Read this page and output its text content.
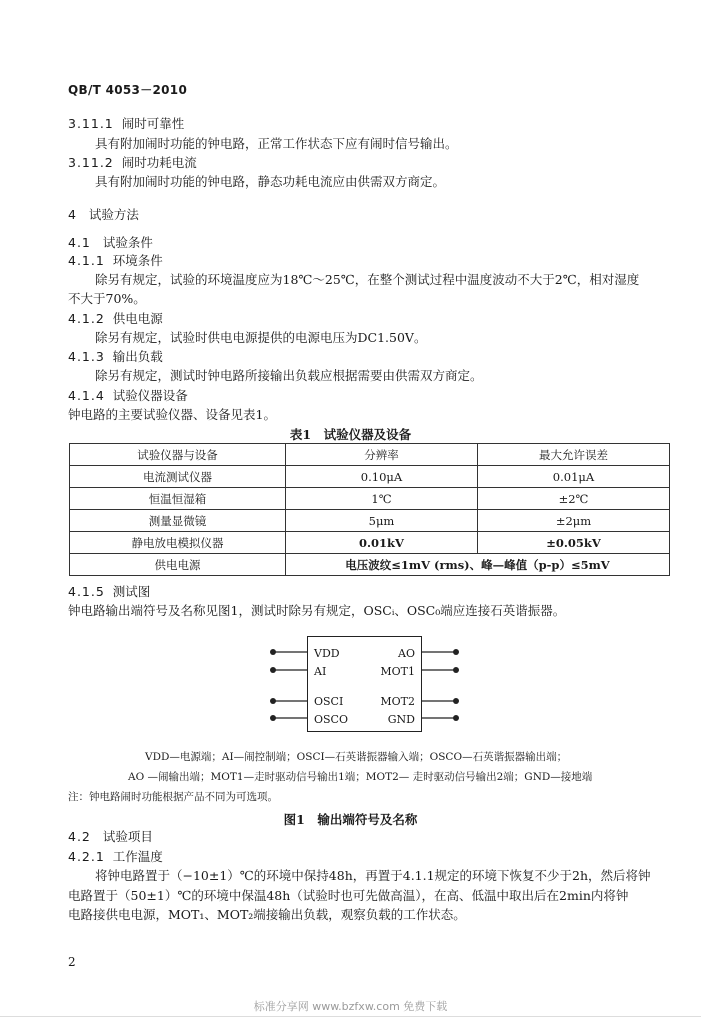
QB/T 4053－2010
3.11.1 闹时可靠性
具有附加闹时功能的钟电路，正常工作状态下应有闹时信号输出。
3.11.2 闹时功耗电流
具有附加闹时功能的钟电路，静态功耗电流应由供需双方商定。
4 试验方法
4.1 试验条件
4.1.1 环境条件
除另有规定，试验的环境温度应为18℃～25℃，在整个测试过程中温度波动不大于2℃，相对湿度
不大于70%。
4.1.2 供电电源
除另有规定，试验时供电电源提供的电源电压为DC1.50V。
4.1.3 输出负载
除另有规定，测试时钟电路所接输出负载应根据需要由供需双方商定。
4.1.4 试验仪器设备
钟电路的主要试验仪器、设备见表1。
表1　试验仪器及设备
试验仪器与设备	分辨率	最大允许误差
电流测试仪器	0.10μA	0.01μA
恒温恒湿箱	1℃	±2℃
测量显微镜	5μm	±2μm
静电放电模拟仪器	0.01kV	±0.05kV
供电电源	电压波纹≤1mV (rms)、峰—峰值（p-p）≤5mV	
4.1.5 测试图
钟电路输出端符号及名称见图1，测试时除另有规定，OSCᵢ、OSC₀端应连接石英谐振器。
VDD
AI
OSCI
OSCO
AO
MOT1
MOT2
GND
VDD—电源端；AI—闹控制端；OSCI—石英谐振器输入端；OSCO—石英谐振器输出端；
AO —闹输出端；MOT1—走时驱动信号输出1端；MOT2— 走时驱动信号输出2端；GND—接地端
注：钟电路闹时功能根据产品不同为可选项。
图1　输出端符号及名称
4.2 试验项目
4.2.1 工作温度
将钟电路置于（−10±1）℃的环境中保持48h，再置于4.1.1规定的环境下恢复不少于2h，然后将钟
电路置于（50±1）℃的环境中保温48h（试验时也可先做高温），在高、低温中取出后在2min内将钟
电路接供电电源，MOT₁、MOT₂端接输出负载，观察负载的工作状态。
2
标准分享网 www.bzfxw.com 免费下载
